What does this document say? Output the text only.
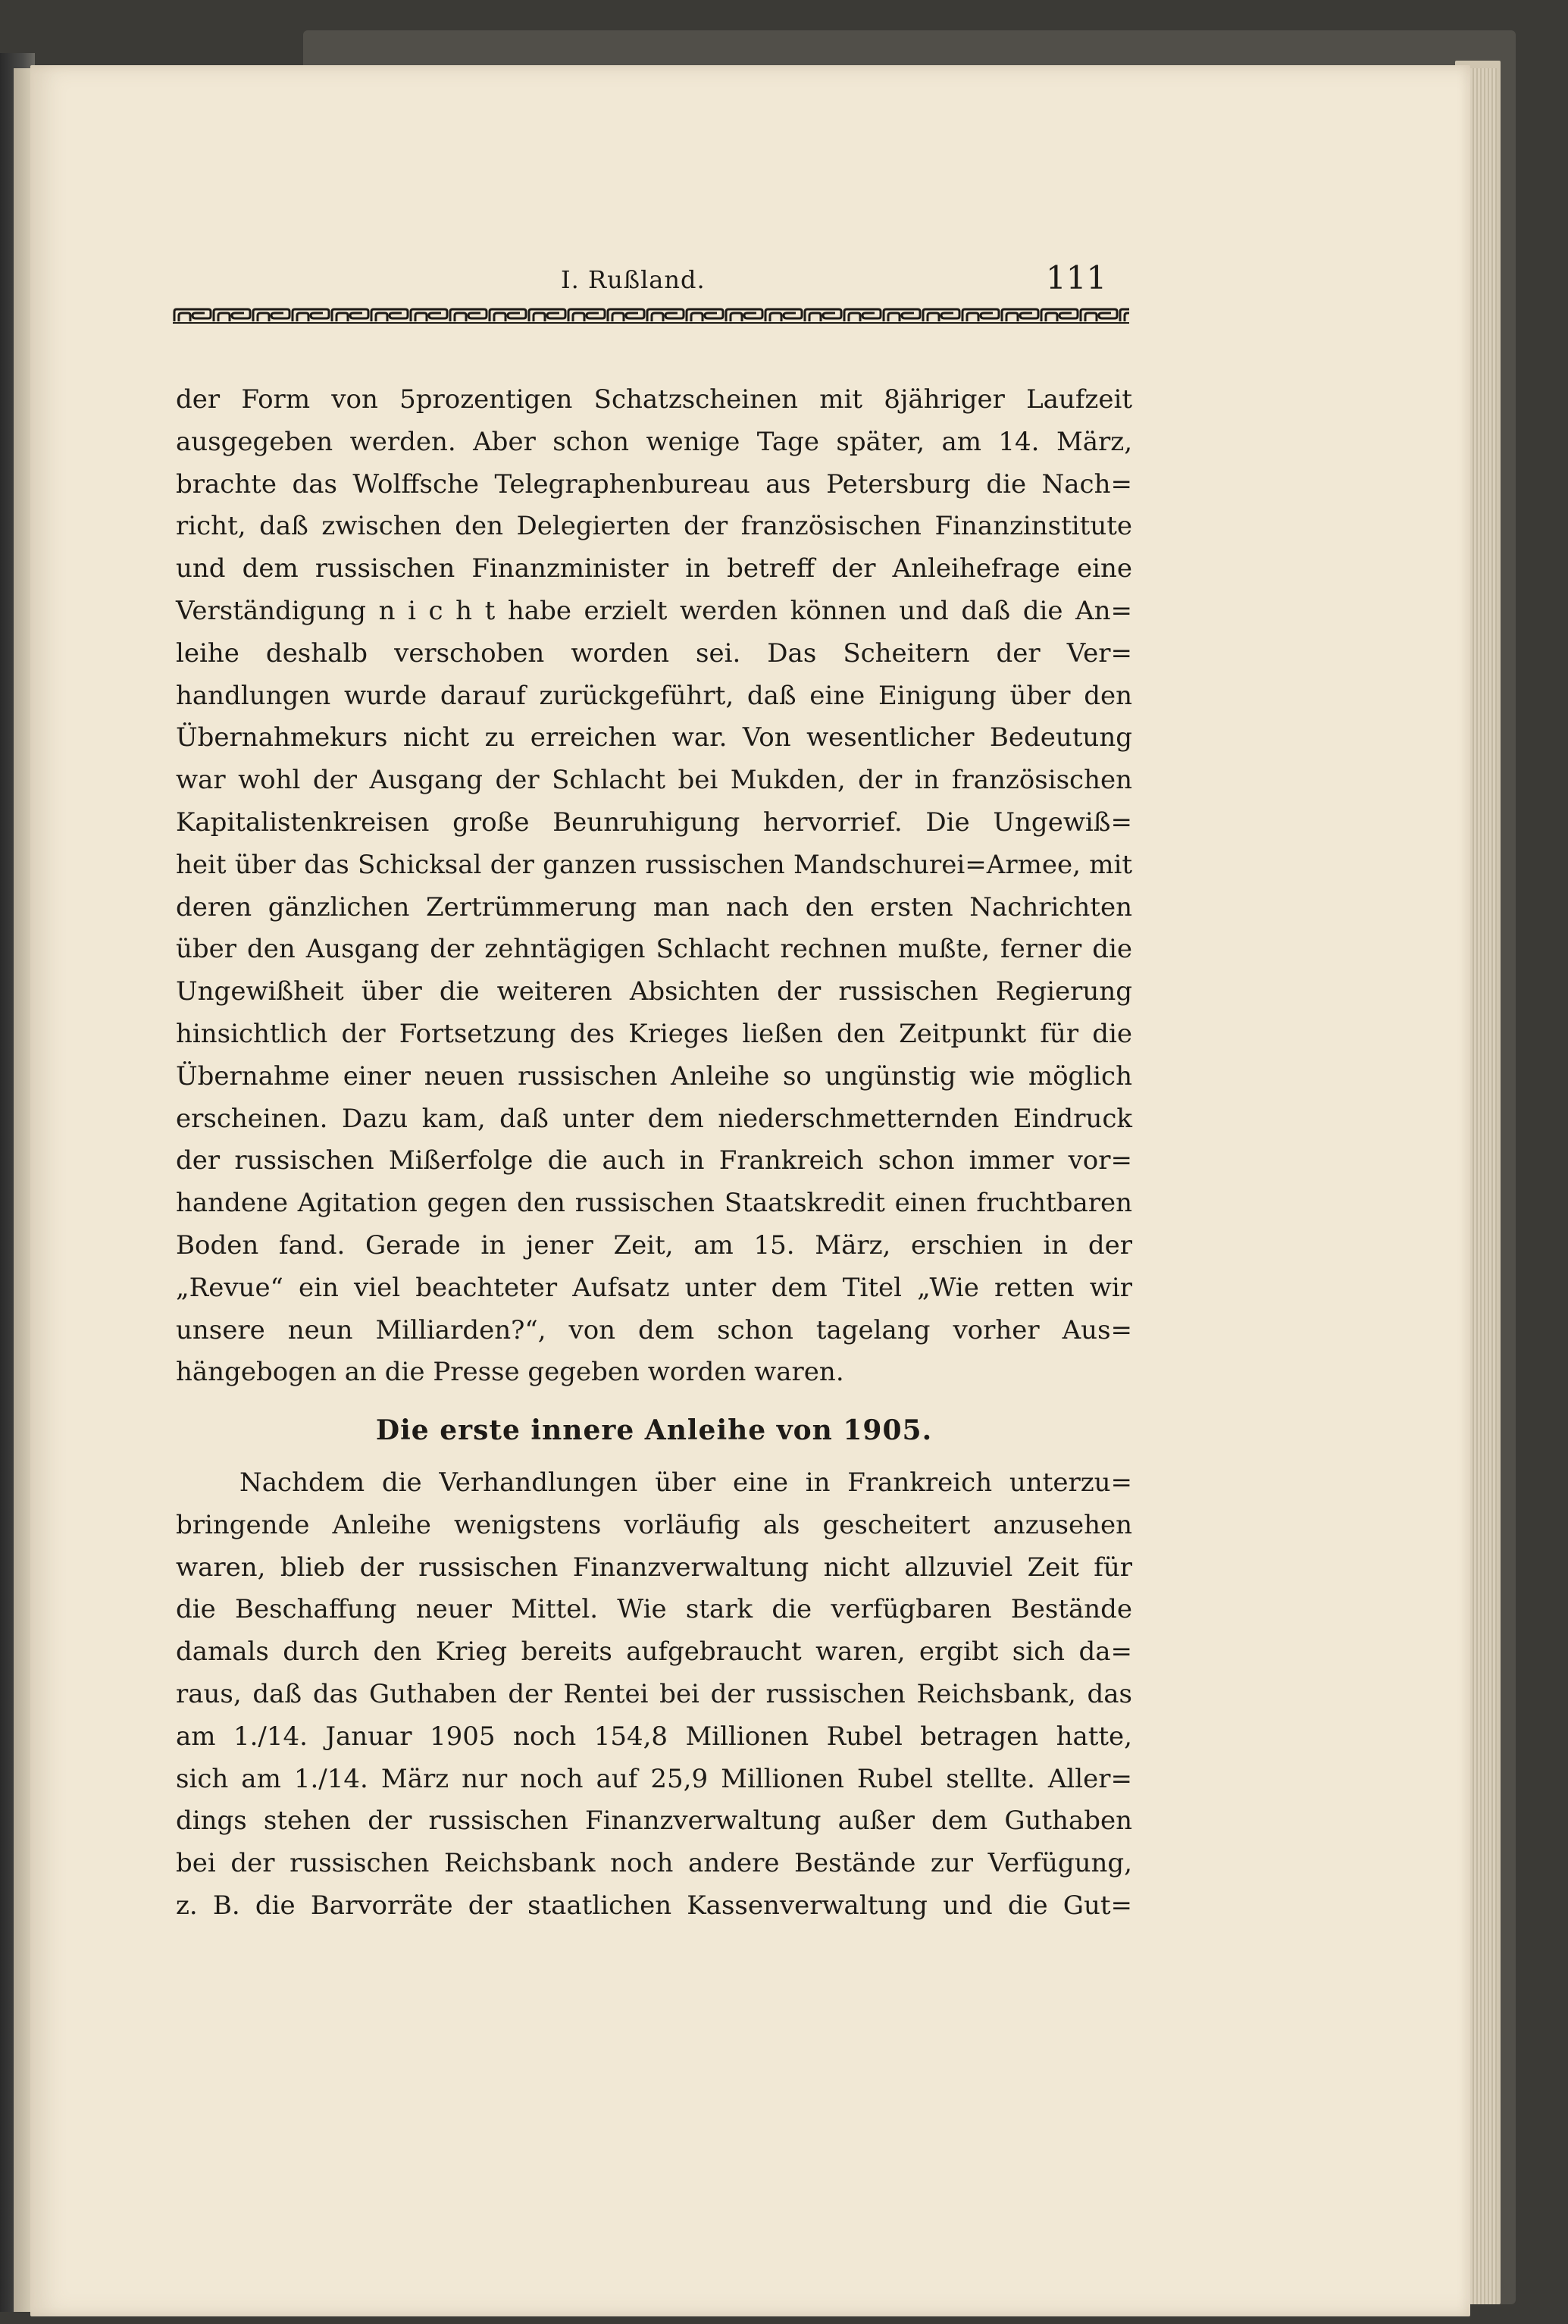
I. Rußland.	111
der Form von 5prozentigen Schatzscheinen mit 8jähriger Laufzeit
ausgegeben werden. Aber schon wenige Tage später, am 14. März,
brachte das Wolffsche Telegraphenbureau aus Petersburg die Nach=
richt, daß zwischen den Delegierten der französischen Finanzinstitute
und dem russischen Finanzminister in betreff der Anleihefrage eine
Verständigung n i c h t habe erzielt werden können und daß die An=
leihe deshalb verschoben worden sei. Das Scheitern der Ver=
handlungen wurde darauf zurückgeführt, daß eine Einigung über den
Übernahmekurs nicht zu erreichen war. Von wesentlicher Bedeutung
war wohl der Ausgang der Schlacht bei Mukden, der in französischen
Kapitalistenkreisen große Beunruhigung hervorrief. Die Ungewiß=
heit über das Schicksal der ganzen russischen Mandschurei=Armee, mit
deren gänzlichen Zertrümmerung man nach den ersten Nachrichten
über den Ausgang der zehntägigen Schlacht rechnen mußte, ferner die
Ungewißheit über die weiteren Absichten der russischen Regierung
hinsichtlich der Fortsetzung des Krieges ließen den Zeitpunkt für die
Übernahme einer neuen russischen Anleihe so ungünstig wie möglich
erscheinen. Dazu kam, daß unter dem niederschmetternden Eindruck
der russischen Mißerfolge die auch in Frankreich schon immer vor=
handene Agitation gegen den russischen Staatskredit einen fruchtbaren
Boden fand. Gerade in jener Zeit, am 15. März, erschien in der
„Revue“ ein viel beachteter Aufsatz unter dem Titel „Wie retten wir
unsere neun Milliarden?“, von dem schon tagelang vorher Aus=
hängebogen an die Presse gegeben worden waren.
Die erste innere Anleihe von 1905.
Nachdem die Verhandlungen über eine in Frankreich unterzu=
bringende Anleihe wenigstens vorläufig als gescheitert anzusehen
waren, blieb der russischen Finanzverwaltung nicht allzuviel Zeit für
die Beschaffung neuer Mittel. Wie stark die verfügbaren Bestände
damals durch den Krieg bereits aufgebraucht waren, ergibt sich da=
raus, daß das Guthaben der Rentei bei der russischen Reichsbank, das
am 1./14. Januar 1905 noch 154,8 Millionen Rubel betragen hatte,
sich am 1./14. März nur noch auf 25,9 Millionen Rubel stellte. Aller=
dings stehen der russischen Finanzverwaltung außer dem Guthaben
bei der russischen Reichsbank noch andere Bestände zur Verfügung,
z. B. die Barvorräte der staatlichen Kassenverwaltung und die Gut=
